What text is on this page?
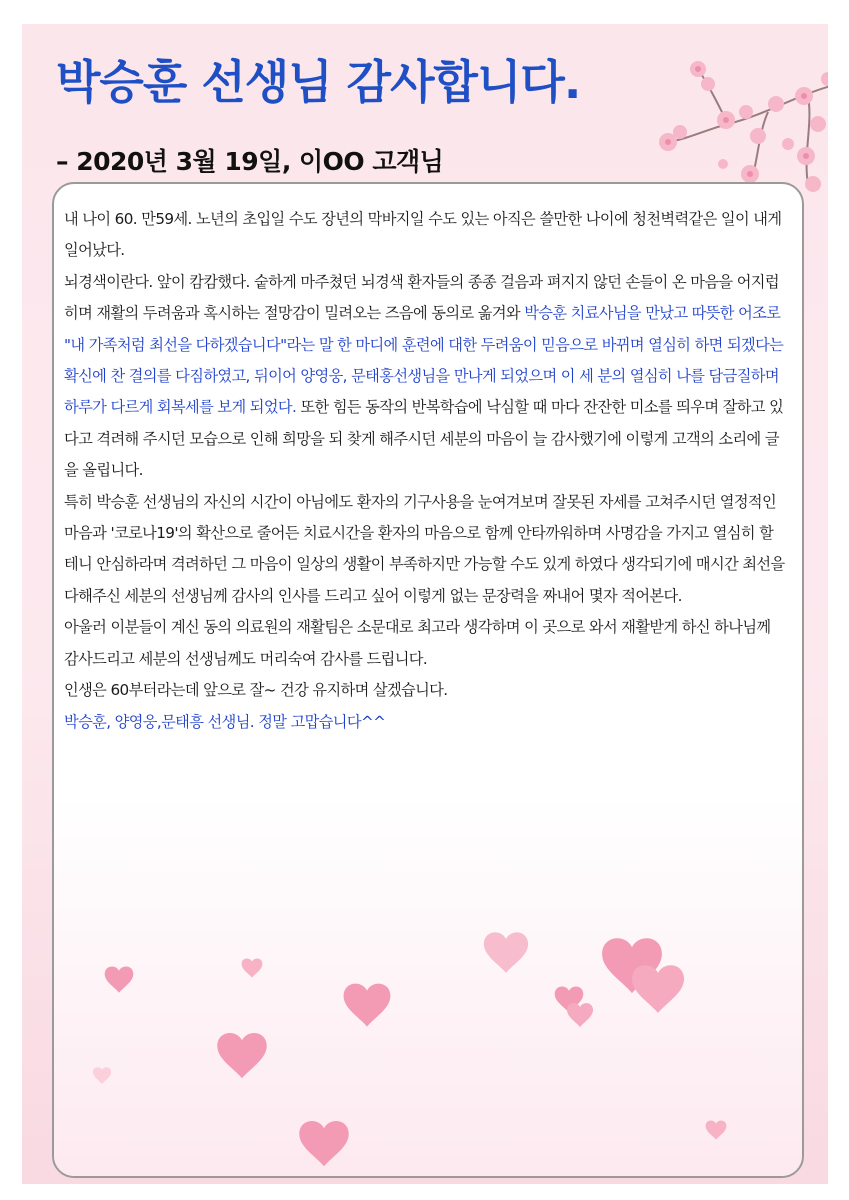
박승훈 선생님 감사합니다.
– 2020년 3월 19일, 이OO 고객님

내 나이 60. 만59세. 노년의 초입일 수도 장년의 막바지일 수도 있는 아직은 쓸만한 나이에 청천벽력같은 일이 내게 일어났다.

뇌경색이란다. 앞이 캄캄했다. 숱하게 마주쳤던 뇌경색 환자들의 종종 걸음과 펴지지 않던 손들이 온 마음을 어지럽히며 재활의 두려움과 혹시하는 절망감이 밀려오는 즈음에 동의로 옮겨와 박승훈 치료사님을 만났고 따뜻한 어조로 "내 가족처럼 최선을 다하겠습니다"라는 말 한 마디에 훈련에 대한 두려움이 믿음으로 바뀌며 열심히 하면 되겠다는 확신에 찬 결의를 다짐하였고, 뒤이어 양영웅, 문태홍선생님을 만나게 되었으며 이 세 분의 열심히 나를 담금질하며 하루가 다르게 회복세를 보게 되었다. 또한 힘든 동작의 반복학습에 낙심할 때 마다 잔잔한 미소를 띄우며 잘하고 있다고 격려해 주시던 모습으로 인해 희망을 되 찾게 해주시던 세분의 마음이 늘 감사했기에 이렇게 고객의 소리에 글을 올립니다.

특히 박승훈 선생님의 자신의 시간이 아님에도 환자의 기구사용을 눈여겨보며 잘못된 자세를 고쳐주시던 열정적인 마음과 '코로나19'의 확산으로 줄어든 치료시간을 환자의 마음으로 함께 안타까워하며 사명감을 가지고 열심히 할테니 안심하라며 격려하던 그 마음이 일상의 생활이 부족하지만 가능할 수도 있게 하였다 생각되기에 매시간 최선을 다해주신 세분의 선생님께 감사의 인사를 드리고 싶어 이렇게 없는 문장력을 짜내어 몇자 적어본다.

아울러 이분들이 계신 동의 의료원의 재활팀은 소문대로 최고라 생각하며 이 곳으로 와서 재활받게 하신 하나님께 감사드리고 세분의 선생님께도 머리숙여 감사를 드립니다.

인생은 60부터라는데 앞으로 잘~ 건강 유지하며 살겠습니다.

박승훈, 양영웅,문태흥 선생님. 정말 고맙습니다^^
